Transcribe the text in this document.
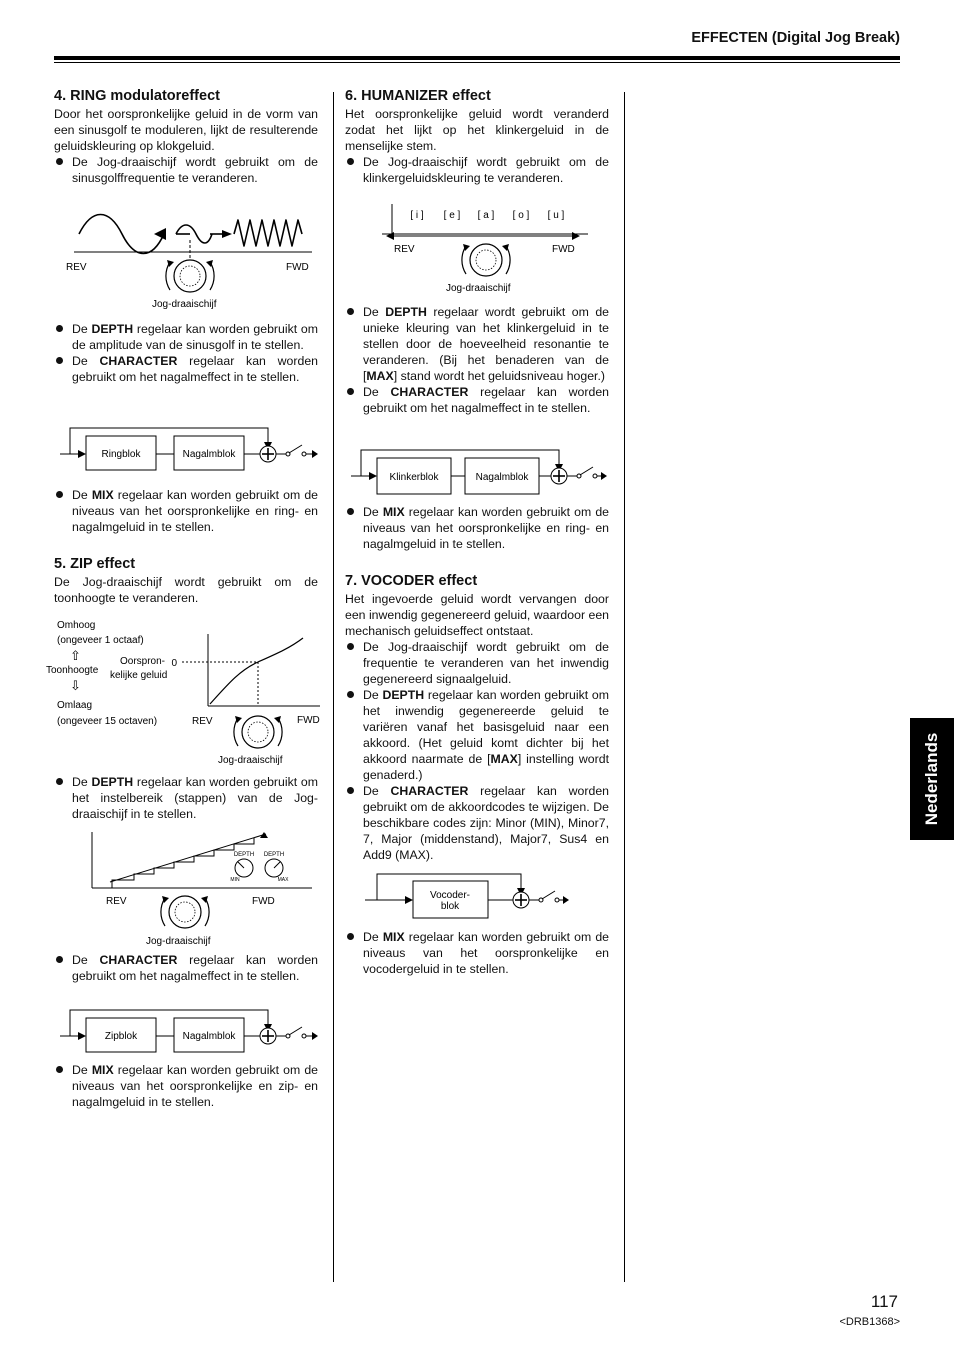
EFFECTEN (Digital Jog Break)
4. RING modulatoreffect

Door het oorspronkelijke geluid in de vorm van een sinusgolf te moduleren, lijkt de resulterende geluidskleuring op klokgeluid.

De Jog-draaischijf wordt gebruikt om de sinusgolffrequentie te veranderen.

REV	FWD
Jog-draaischijf

De DEPTH regelaar kan worden gebruikt om de amplitude van de sinusgolf in te stellen.

De CHARACTER regelaar kan worden gebruikt om het nagalmeffect in te stellen.

Ringblok	Nagalmblok

De MIX regelaar kan worden gebruikt om de niveaus van het oorspronkelijke en ring- en nagalmgeluid in te stellen.

5. ZIP effect

De Jog-draaischijf wordt gebruikt om de toonhoogte te veranderen.

0
Omhoog
(ongeveer 1 octaaf)
⇧
Toonhoogte
⇩
Omlaag
(ongeveer 15 octaven)
Oorspron-
kelijke geluid
REV	FWD
Jog-draaischijf

De DEPTH regelaar kan worden gebruikt om het instelbereik (stappen) van de Jog-draaischijf in te stellen.

DEPTH DEPTH
MIN	MAX
REV	FWD
Jog-draaischijf

De CHARACTER regelaar kan worden gebruikt om het nagalmeffect in te stellen.

Zipblok	Nagalmblok

De MIX regelaar kan worden gebruikt om de niveaus van het oorspronkelijke en zip- en nagalmgeluid in te stellen.

6. HUMANIZER effect

Het oorspronkelijke geluid wordt veranderd zodat het lijkt op het klinkergeluid in de menselijke stem.

De Jog-draaischijf wordt gebruikt om de klinkergeluidskleuring te veranderen.

[ i ] [ e ] [ a ] [ o ] [ u ]
REV	FWD
Jog-draaischijf

De DEPTH regelaar wordt gebruikt om de unieke kleuring van het klinkergeluid in te stellen door de hoeveelheid resonantie te veranderen. (Bij het benaderen van de [MAX] stand wordt het geluidsniveau hoger.)

De CHARACTER regelaar kan worden gebruikt om het nagalmeffect in te stellen.

Klinkerblok	Nagalmblok

De MIX regelaar kan worden gebruikt om de niveaus van het oorspronkelijke en ring- en nagalmgeluid in te stellen.

7. VOCODER effect

Het ingevoerde geluid wordt vervangen door een inwendig gegenereerd geluid, waardoor een mechanisch geluidseffect ontstaat.

De Jog-draaischijf wordt gebruikt om de frequentie te veranderen van het inwendig gegenereerd signaalgeluid.

De DEPTH regelaar kan worden gebruikt om het inwendig gegenereerde geluid te variëren vanaf het basisgeluid naar een akkoord. (Het geluid komt dichter bij het akkoord naarmate de [MAX] instelling wordt genaderd.)

De CHARACTER regelaar kan worden gebruikt om de akkoordcodes te wijzigen. De beschikbare codes zijn: Minor (MIN), Minor7, 7, Major (middenstand), Major7, Sus4 en Add9 (MAX).

Vocoder-
blok

De MIX regelaar kan worden gebruikt om de niveaus van het oorspronkelijke en vocodergeluid in te stellen.

Nederlands
117
<DRB1368>
